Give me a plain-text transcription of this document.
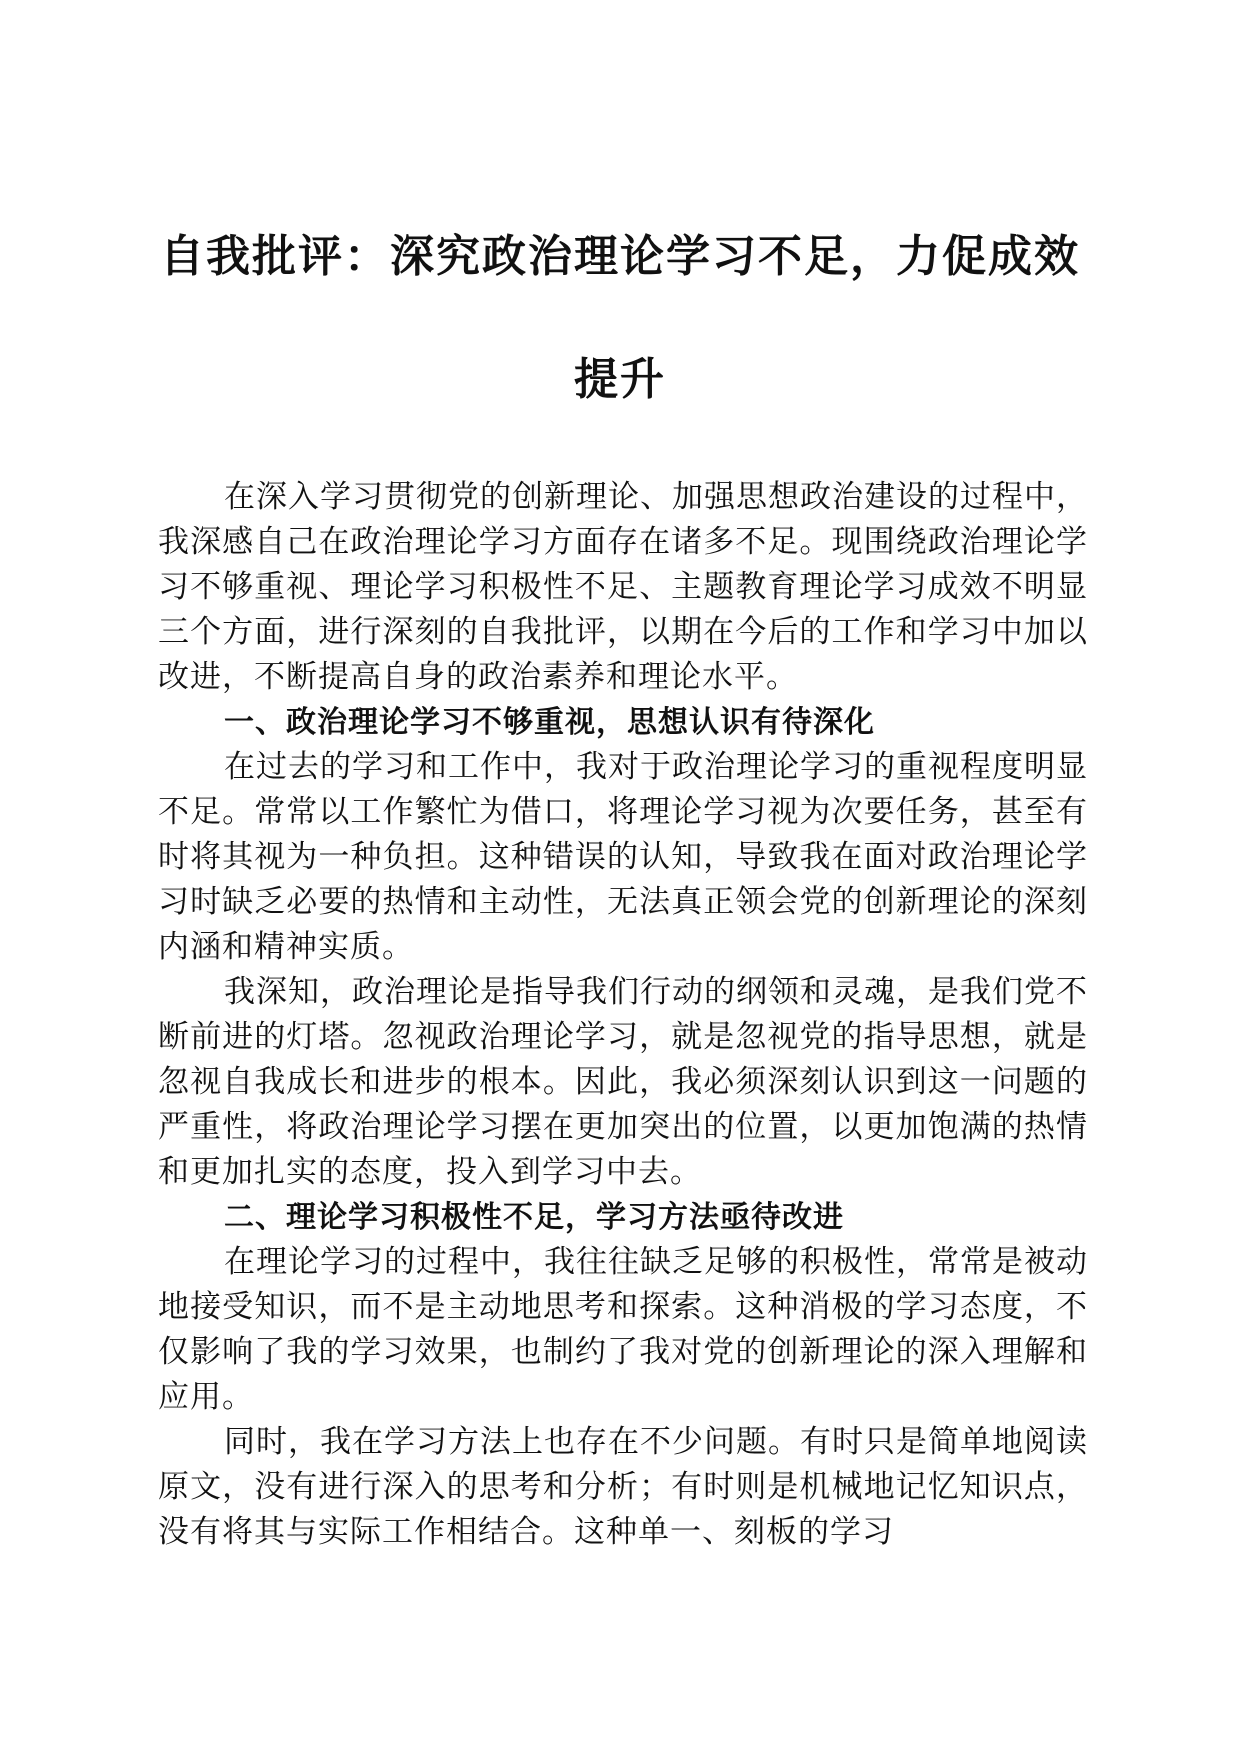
自我批评：深究政治理论学习不足，力促成效
提升

在深入学习贯彻党的创新理论、加强思想政治建设的过程中，我深感自己在政治理论学习方面存在诸多不足。现围绕政治理论学习不够重视、理论学习积极性不足、主题教育理论学习成效不明显三个方面，进行深刻的自我批评，以期在今后的工作和学习中加以改进，不断提高自身的政治素养和理论水平。

一、政治理论学习不够重视，思想认识有待深化

在过去的学习和工作中，我对于政治理论学习的重视程度明显不足。常常以工作繁忙为借口，将理论学习视为次要任务，甚至有时将其视为一种负担。这种错误的认知，导致我在面对政治理论学习时缺乏必要的热情和主动性，无法真正领会党的创新理论的深刻内涵和精神实质。

我深知，政治理论是指导我们行动的纲领和灵魂，是我们党不断前进的灯塔。忽视政治理论学习，就是忽视党的指导思想，就是忽视自我成长和进步的根本。因此，我必须深刻认识到这一问题的严重性，将政治理论学习摆在更加突出的位置，以更加饱满的热情和更加扎实的态度，投入到学习中去。

二、理论学习积极性不足，学习方法亟待改进

在理论学习的过程中，我往往缺乏足够的积极性，常常是被动地接受知识，而不是主动地思考和探索。这种消极的学习态度，不仅影响了我的学习效果，也制约了我对党的创新理论的深入理解和应用。

同时，我在学习方法上也存在不少问题。有时只是简单地阅读原文，没有进行深入的思考和分析；有时则是机械地记忆知识点，没有将其与实际工作相结合。这种单一、刻板的学习
